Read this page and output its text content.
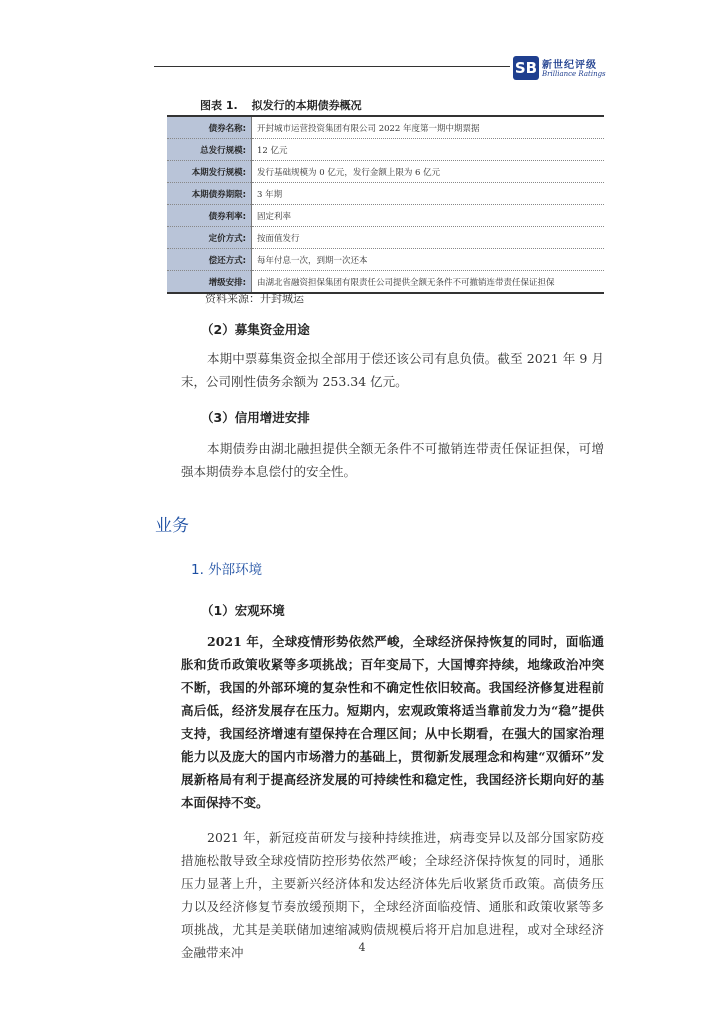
SB 新世纪评级
Brilliance Ratings
图表 1. 拟发行的本期债券概况
债券名称:	开封城市运营投资集团有限公司 2022 年度第一期中期票据
总发行规模:	12 亿元
本期发行规模:	发行基础规模为 0 亿元，发行金额上限为 6 亿元
本期债券期限:	3 年期
债券利率:	固定利率
定价方式:	按面值发行
偿还方式:	每年付息一次，到期一次还本
增级安排:	由湖北省融资担保集团有限责任公司提供全额无条件不可撤销连带责任保证担保
资料来源：开封城运
（2）募集资金用途

本期中票募集资金拟全部用于偿还该公司有息负债。截至 2021 年 9 月末，公司刚性债务余额为 253.34 亿元。

（3）信用增进安排

本期债券由湖北融担提供全额无条件不可撤销连带责任保证担保，可增强本期债券本息偿付的安全性。

业务
1. 外部环境
（1）宏观环境

2021 年，全球疫情形势依然严峻，全球经济保持恢复的同时，面临通胀和货币政策收紧等多项挑战；百年变局下，大国博弈持续，地缘政治冲突不断，我国的外部环境的复杂性和不确定性依旧较高。我国经济修复进程前高后低，经济发展存在压力。短期内，宏观政策将适当靠前发力为“稳”提供支持，我国经济增速有望保持在合理区间；从中长期看，在强大的国家治理能力以及庞大的国内市场潜力的基础上，贯彻新发展理念和构建“双循环”发展新格局有利于提高经济发展的可持续性和稳定性，我国经济长期向好的基本面保持不变。

2021 年，新冠疫苗研发与接种持续推进，病毒变异以及部分国家防疫措施松散导致全球疫情防控形势依然严峻；全球经济保持恢复的同时，通胀压力显著上升，主要新兴经济体和发达经济体先后收紧货币政策。高债务压力以及经济修复节奏放缓预期下，全球经济面临疫情、通胀和政策收紧等多项挑战，尤其是美联储加速缩减购债规模后将开启加息进程，或对全球经济金融带来冲	4
